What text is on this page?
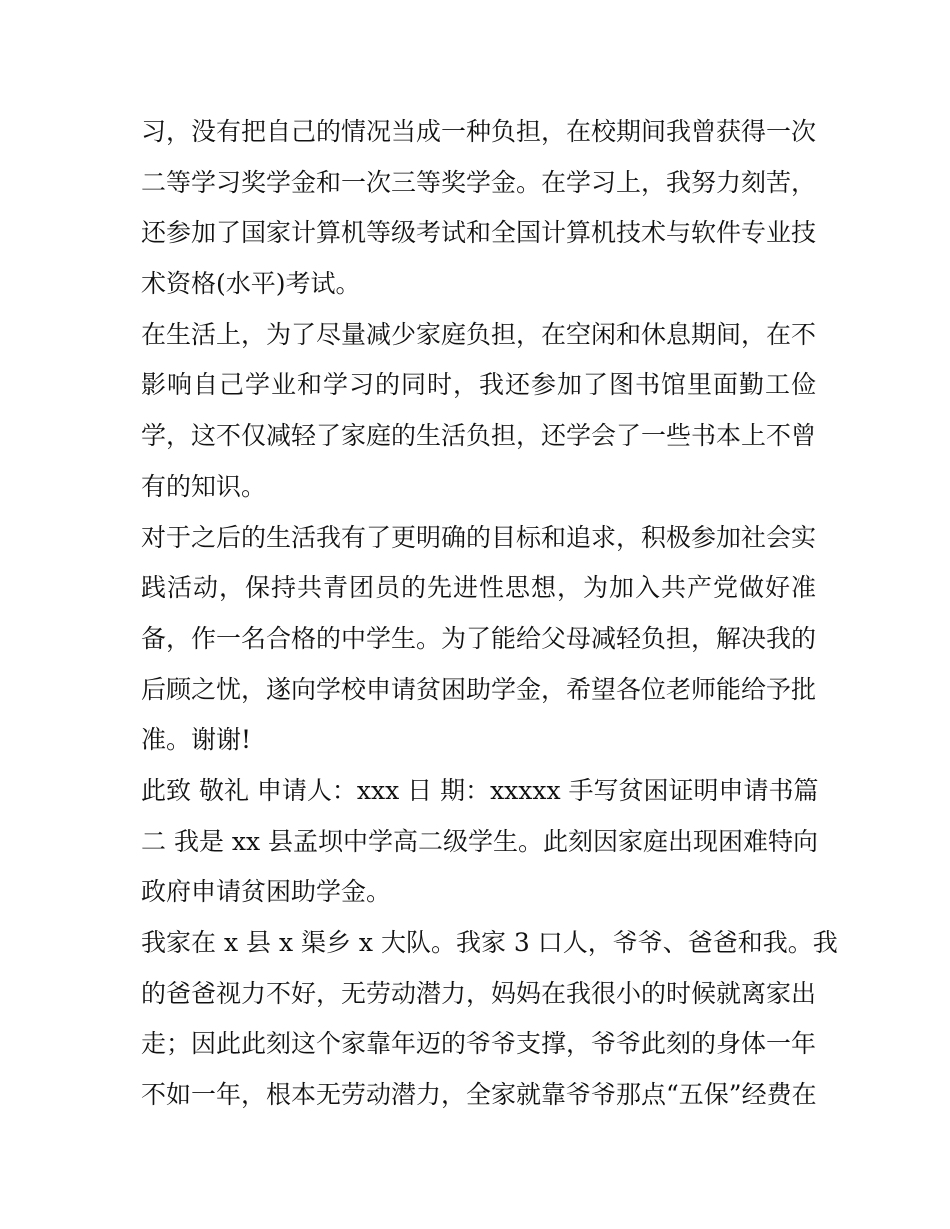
习，没有把自己的情况当成一种负担，在校期间我曾获得一次
二等学习奖学金和一次三等奖学金。在学习上，我努力刻苦，
还参加了国家计算机等级考试和全国计算机技术与软件专业技
术资格(水平)考试。
在生活上，为了尽量减少家庭负担，在空闲和休息期间，在不
影响自己学业和学习的同时，我还参加了图书馆里面勤工俭
学，这不仅减轻了家庭的生活负担，还学会了一些书本上不曾
有的知识。
对于之后的生活我有了更明确的目标和追求，积极参加社会实
践活动，保持共青团员的先进性思想，为加入共产党做好准
备，作一名合格的中学生。为了能给父母减轻负担，解决我的
后顾之忧，遂向学校申请贫困助学金，希望各位老师能给予批
准。谢谢!
此致 敬礼 申请人：xxx 日 期：xxxxx 手写贫困证明申请书篇
二 我是 xx 县孟坝中学高二级学生。此刻因家庭出现困难特向
政府申请贫困助学金。
我家在 x 县 x 渠乡 x 大队。我家 3 口人，爷爷、爸爸和我。我
的爸爸视力不好，无劳动潜力，妈妈在我很小的时候就离家出
走；因此此刻这个家靠年迈的爷爷支撑，爷爷此刻的身体一年
不如一年，根本无劳动潜力，全家就靠爷爷那点“五保”经费在
